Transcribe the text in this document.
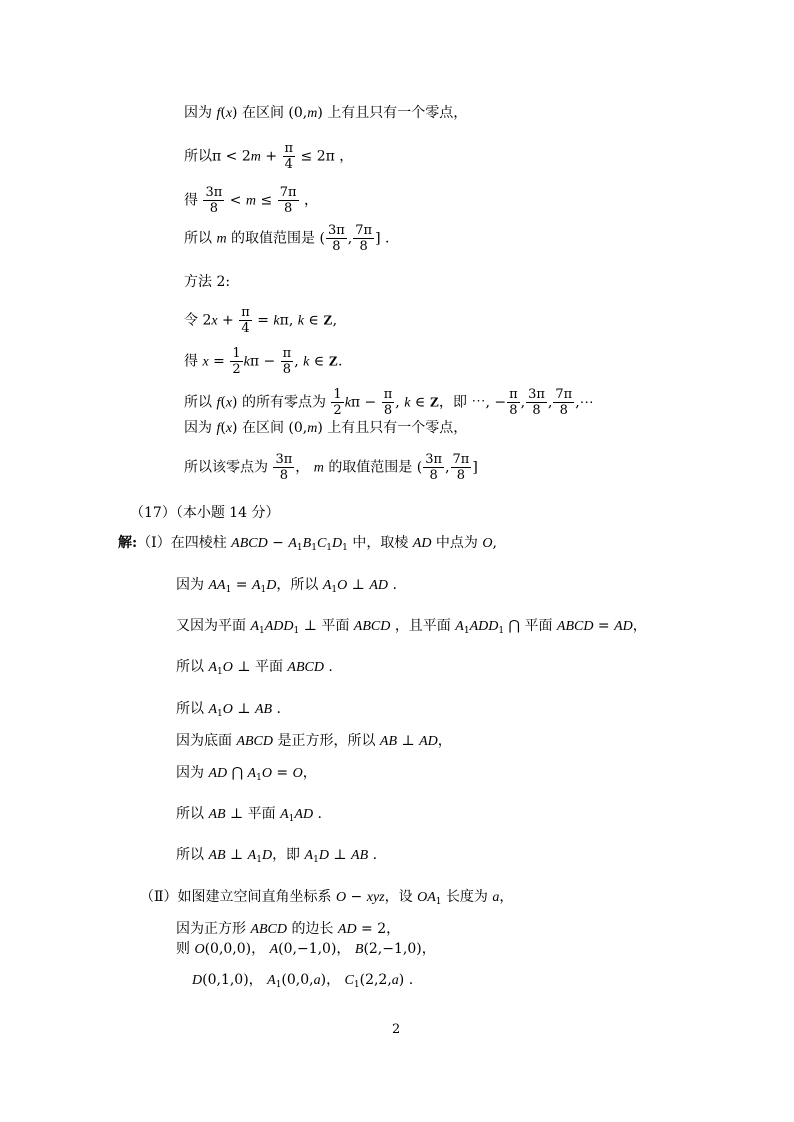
因为 f(x) 在区间 (0,m) 上有且只有一个零点，
所以$\pi < 2m + \frac{\pi}{4} \le 2\pi$ ，
得 $\frac{3\pi}{8} < m \le \frac{7\pi}{8}$ ，
所以 m 的取值范围是 ( $\frac{3\pi}{8}$ , $\frac{7\pi}{8}$ ] .
方法 2:
令 $2x + \frac{\pi}{4} = k\pi$, k ∈ Z,
得 $x = \frac{1}{2}$ $k\pi - \frac{\pi}{8}$ , k ∈ Z.
所以 f(x) 的所有零点为 $\frac{1}{2}$ $k\pi - \frac{\pi}{8}$ , k ∈ Z，即 ⋯, − $\frac{\pi}{8}$ , $\frac{3\pi}{8}$ , $\frac{7\pi}{8}$ ,⋯
因为 f(x) 在区间 (0,m) 上有且只有一个零点，
所以该零点为 $\frac{3\pi}{8}$ ， m 的取值范围是 ( $\frac{3\pi}{8}$ , $\frac{7\pi}{8}$ ]
（17）（本小题 14 分）
解:（Ⅰ）在四棱柱 ABCD − $A_1B_1C_1D_1$ 中，取棱 AD 中点为 O,
因为 $AA_1 = A_1D$，所以 $A_1O$ ⊥ AD .
又因为平面 $A_1ADD_1$ ⊥ 平面 ABCD ，且平面 $A_1ADD_1$ ⋂ 平面 ABCD = AD，
所以 $A_1O$ ⊥ 平面 ABCD .
所以 $A_1O$ ⊥ AB .
因为底面 ABCD 是正方形，所以 AB ⊥ AD，
因为 AD ⋂ $A_1O = O$，
所以 AB ⊥ 平面 $A_1AD$ .
所以 AB ⊥ $A_1D$，即 $A_1D$ ⊥ AB .
（Ⅱ）如图建立空间直角坐标系 O − xyz，设 $OA_1$ 长度为 a，
因为正方形 ABCD 的边长 AD = 2，
则 O(0,0,0)， A(0,−1,0)， B(2,−1,0)，
D(0,1,0)， $A_1(0,0,a)$， $C_1(2,2,a)$ .
2
